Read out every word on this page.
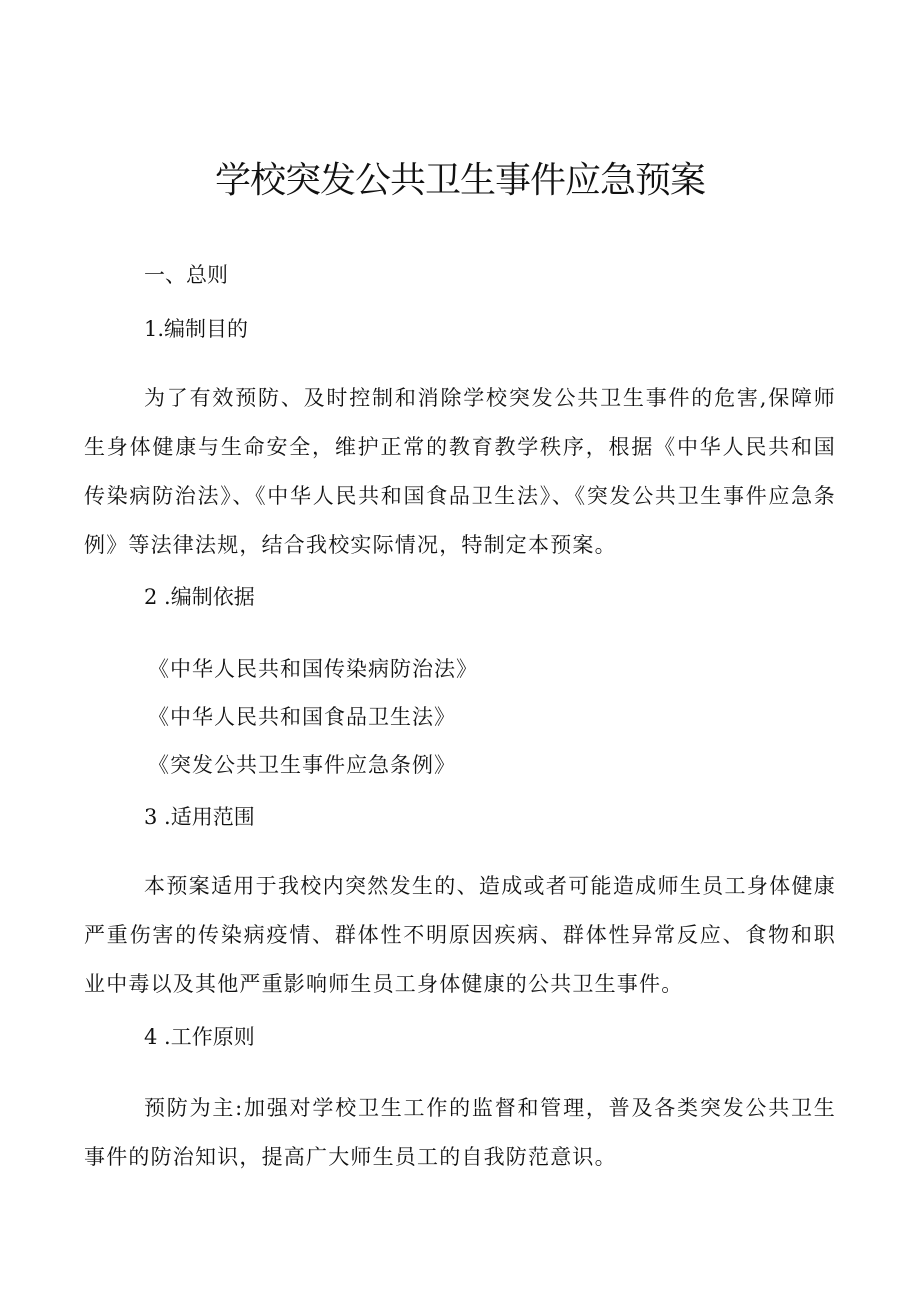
学校突发公共卫生事件应急预案
一、总则
1.编制目的
为了有效预防、及时控制和消除学校突发公共卫生事件的危害,保障师生身体健康与生命安全，维护正常的教育教学秩序，根据《中华人民共和国传染病防治法》、《中华人民共和国食品卫生法》、《突发公共卫生事件应急条例》等法律法规，结合我校实际情况，特制定本预案。
2 .编制依据
《中华人民共和国传染病防治法》
《中华人民共和国食品卫生法》
《突发公共卫生事件应急条例》
3 .适用范围
本预案适用于我校内突然发生的、造成或者可能造成师生员工身体健康严重伤害的传染病疫情、群体性不明原因疾病、群体性异常反应、食物和职业中毒以及其他严重影响师生员工身体健康的公共卫生事件。
4 .工作原则
预防为主:加强对学校卫生工作的监督和管理，普及各类突发公共卫生事件的防治知识，提高广大师生员工的自我防范意识。
